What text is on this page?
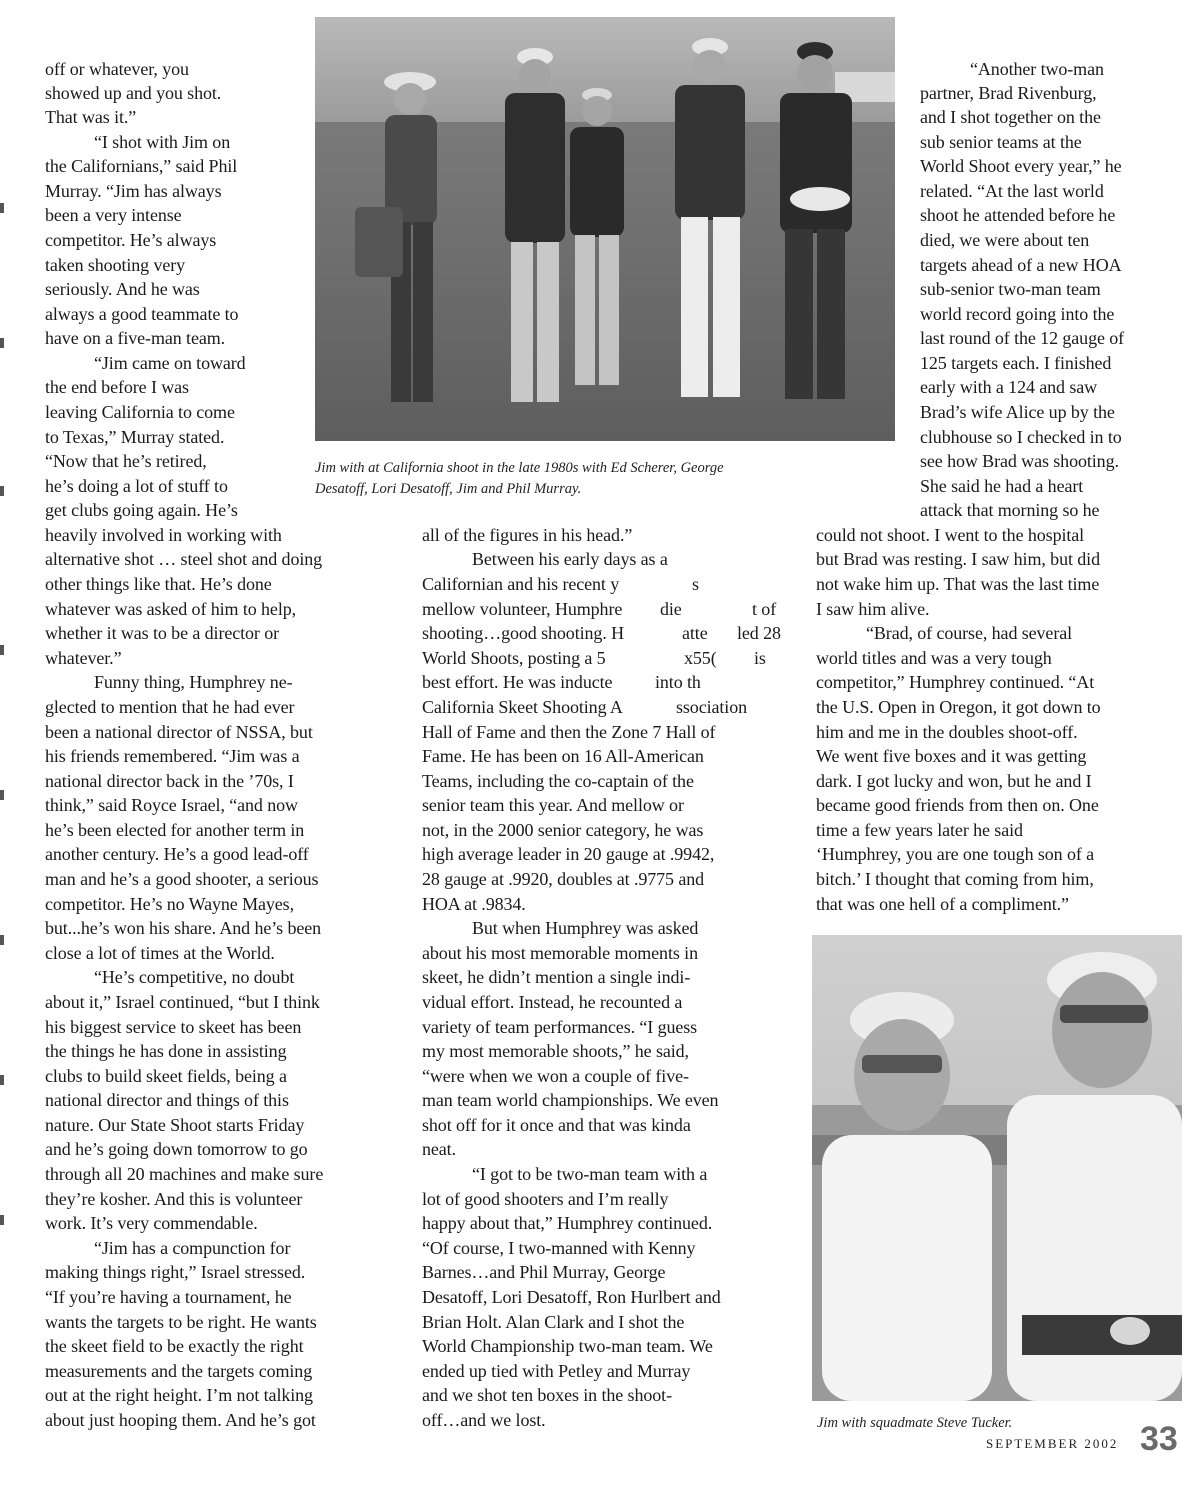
off or whatever, you
showed up and you shot.
That was it.”
“I shot with Jim on
the Californians,” said Phil
Murray. “Jim has always
been a very intense
competitor. He’s always
taken shooting very
seriously. And he was
always a good teammate to
have on a five-man team.
“Jim came on toward
the end before I was
leaving California to come
to Texas,” Murray stated.
“Now that he’s retired,
he’s doing a lot of stuff to
get clubs going again. He’s
heavily involved in working with
alternative shot … steel shot and doing
other things like that. He’s done
whatever was asked of him to help,
whether it was to be a director or
whatever.”
Funny thing, Humphrey ne-
glected to mention that he had ever
been a national director of NSSA, but
his friends remembered. “Jim was a
national director back in the ’70s, I
think,” said Royce Israel, “and now
he’s been elected for another term in
another century. He’s a good lead-off
man and he’s a good shooter, a serious
competitor. He’s no Wayne Mayes,
but...he’s won his share. And he’s been
close a lot of times at the World.
“He’s competitive, no doubt
about it,” Israel continued, “but I think
his biggest service to skeet has been
the things he has done in assisting
clubs to build skeet fields, being a
national director and things of this
nature. Our State Shoot starts Friday
and he’s going down tomorrow to go
through all 20 machines and make sure
they’re kosher. And this is volunteer
work. It’s very commendable.
“Jim has a compunction for
making things right,” Israel stressed.
“If you’re having a tournament, he
wants the targets to be right. He wants
the skeet field to be exactly the right
measurements and the targets coming
out at the right height. I’m not talking
about just hooping them. And he’s got
Jim with at California shoot in the late 1980s with Ed Scherer, George
Desatoff, Lori Desatoff, Jim and Phil Murray.
all of the figures in his head.”
Between his early days as a
Californian and his recent y
mellow volunteer, Humphre
shooting…good shooting. H
World Shoots, posting a 5
best effort. He was inducte
California Skeet Shooting A
Hall of Fame and then the Zone 7 Hall of
Fame. He has been on 16 All-American
Teams, including the co-captain of the
senior team this year. And mellow or
not, in the 2000 senior category, he was
high average leader in 20 gauge at .9942,
28 gauge at .9920, doubles at .9775 and
HOA at .9834.
But when Humphrey was asked
about his most memorable moments in
skeet, he didn’t mention a single indi-
vidual effort. Instead, he recounted a
variety of team performances. “I guess
my most memorable shoots,” he said,
“were when we won a couple of five-
man team world championships. We even
shot off for it once and that was kinda
neat.
“I got to be two-man team with a
lot of good shooters and I’m really
happy about that,” Humphrey continued.
“Of course, I two-manned with Kenny
Barnes…and Phil Murray, George
Desatoff, Lori Desatoff, Ron Hurlbert and
Brian Holt. Alan Clark and I shot the
World Championship two-man team. We
ended up tied with Petley and Murray
and we shot ten boxes in the shoot-
off…and we lost.
s
die	t of
atte led 28
x55( is
into th
ssociation
“Another two-man
partner, Brad Rivenburg,
and I shot together on the
sub senior teams at the
World Shoot every year,” he
related. “At the last world
shoot he attended before he
died, we were about ten
targets ahead of a new HOA
sub-senior two-man team
world record going into the
last round of the 12 gauge of
125 targets each. I finished
early with a 124 and saw
Brad’s wife Alice up by the
clubhouse so I checked in to
see how Brad was shooting.
She said he had a heart
attack that morning so he
could not shoot. I went to the hospital
but Brad was resting. I saw him, but did
not wake him up. That was the last time
I saw him alive.
“Brad, of course, had several
world titles and was a very tough
competitor,” Humphrey continued. “At
the U.S. Open in Oregon, it got down to
him and me in the doubles shoot-off.
We went five boxes and it was getting
dark. I got lucky and won, but he and I
became good friends from then on. One
time a few years later he said
‘Humphrey, you are one tough son of a
bitch.’ I thought that coming from him,
that was one hell of a compliment.”
Jim with squadmate Steve Tucker.
SEPTEMBER 2002 33
